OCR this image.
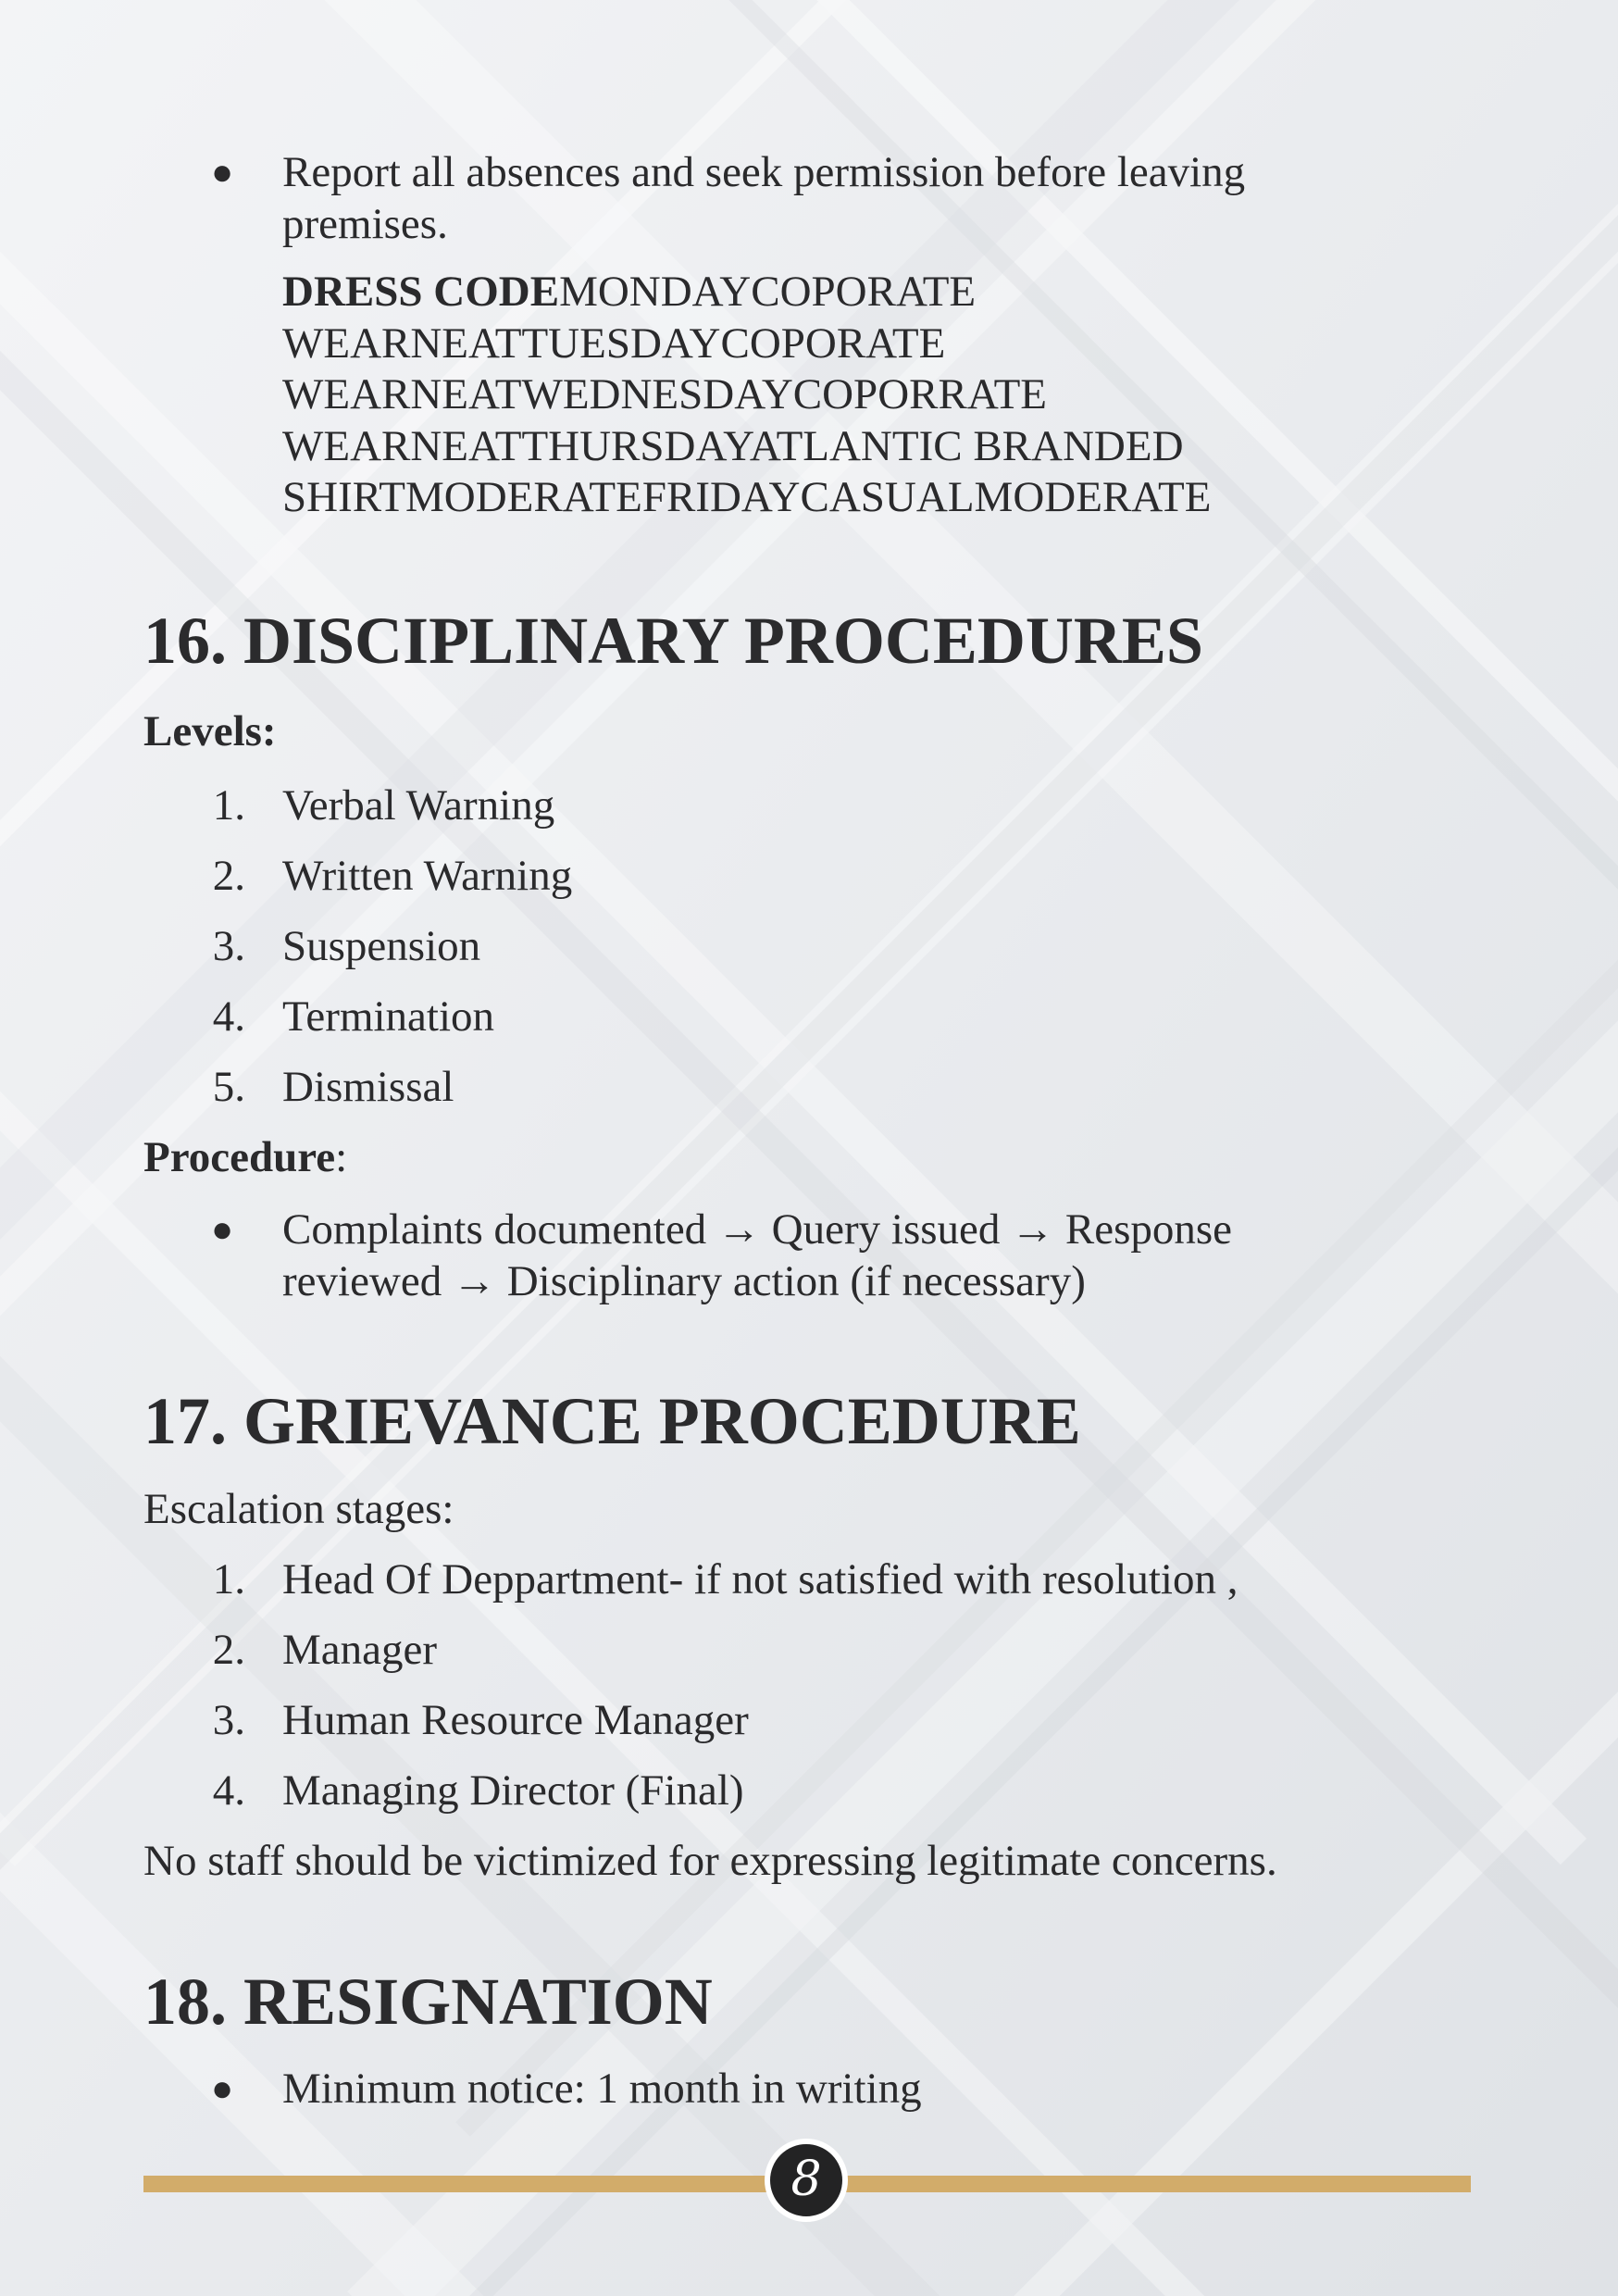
● Report all absences and seek permission before leaving
premises.
DRESS CODEMONDAYCOPORATE
WEARNEATTUESDAYCOPORATE
WEARNEATWEDNESDAYCOPORRATE
WEARNEATTHURSDAYATLANTIC BRANDED
SHIRTMODERATEFRIDAYCASUALMODERATE
16. DISCIPLINARY PROCEDURES
Levels:
1. Verbal Warning
2. Written Warning
3. Suspension
4. Termination
5. Dismissal
Procedure:
● Complaints documented → Query issued → Response
reviewed → Disciplinary action (if necessary)
17. GRIEVANCE PROCEDURE
Escalation stages:
1. Head Of Deppartment- if not satisfied with resolution ,
2. Manager
3. Human Resource Manager
4. Managing Director (Final)
No staff should be victimized for expressing legitimate concerns.
18. RESIGNATION
● Minimum notice: 1 month in writing
8
